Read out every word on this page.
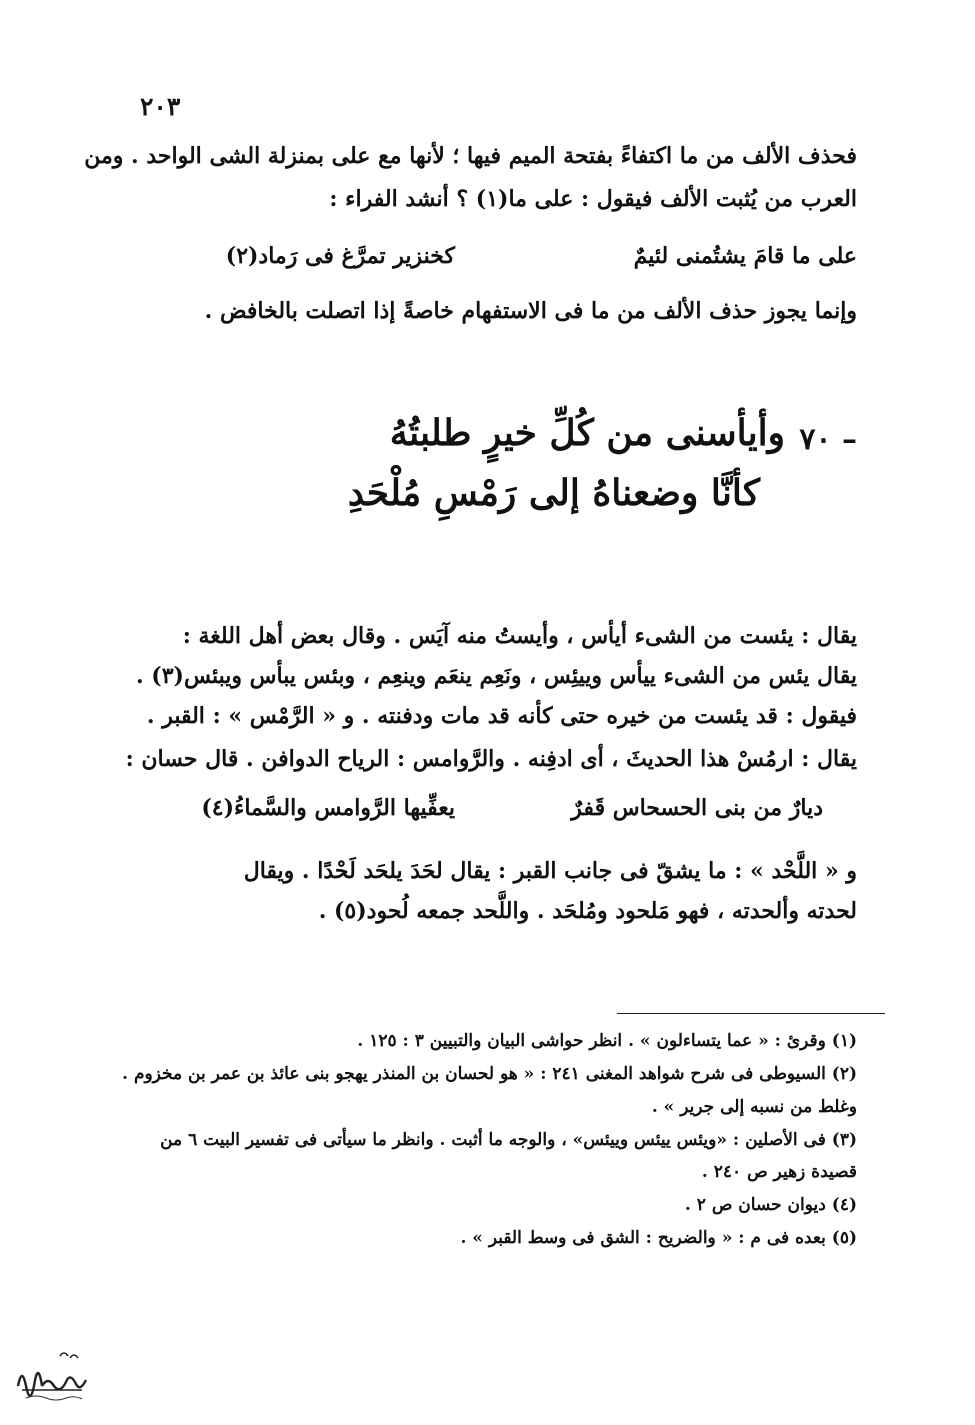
٢٠٣
فحذف الألف من ما اكتفاءً بفتحة الميم فيها ؛ لأنها مع على بمنزلة الشى الواحد . ومن
العرب من يُثبت الألف فيقول : على ما(١) ؟ أنشد الفراء :
على ما قامَ يشتُمنى لئيمٌ
كخنزير تمرَّغ فى رَماد(٢)
وإنما يجوز حذف الألف من ما فى الاستفهام خاصةً إذا اتصلت بالخافض .
٧٠ –
وأيأسنى من كُلِّ خيرٍ طلبتُهُ
كأنَّا وضعناهُ إلى رَمْسِ مُلْحَدِ
يقال : يئست من الشىء أيأس ، وأيستُ منه آيَس . وقال بعض أهل اللغة :
يقال يئس من الشىء ييأس وييئِس ، ونَعِم ينعَم وينعِم ، وبئس يبأس ويبئس(٣) .
فيقول : قد يئست من خيره حتى كأنه قد مات ودفنته . و « الرَّمْس » : القبر .
يقال : ارمُسْ هذا الحديثَ ، أى ادفِنه . والرَّوامس : الرياح الدوافن . قال حسان :
ديارٌ من بنى الحسحاس قَفرٌ
يعفِّيها الرَّوامس والسَّماءُ(٤)
و « اللَّحْد » : ما يشقّ فى جانب القبر : يقال لحَدَ يلحَد لَحْدًا . ويقال
لحدته وألحدته ، فهو مَلحود ومُلحَد . واللَّحد جمعه لُحود(٥) .
(١) وقرئ : « عما يتساءلون » . انظر حواشى البيان والتبيين ٣ : ١٢٥ .
(٢) السيوطى فى شرح شواهد المغنى ٢٤١ : « هو لحسان بن المنذر يهجو بنى عائذ بن عمر بن مخزوم .
وغلط من نسبه إلى جرير » .
(٣) فى الأصلين : «ويئس ييئس وييئس» ، والوجه ما أثبت . وانظر ما سيأتى فى تفسير البيت ٦ من
قصيدة زهير ص ٢٤٠ .
(٤) ديوان حسان ص ٢ .
(٥) بعده فى م : « والضريح : الشق فى وسط القبر » .
